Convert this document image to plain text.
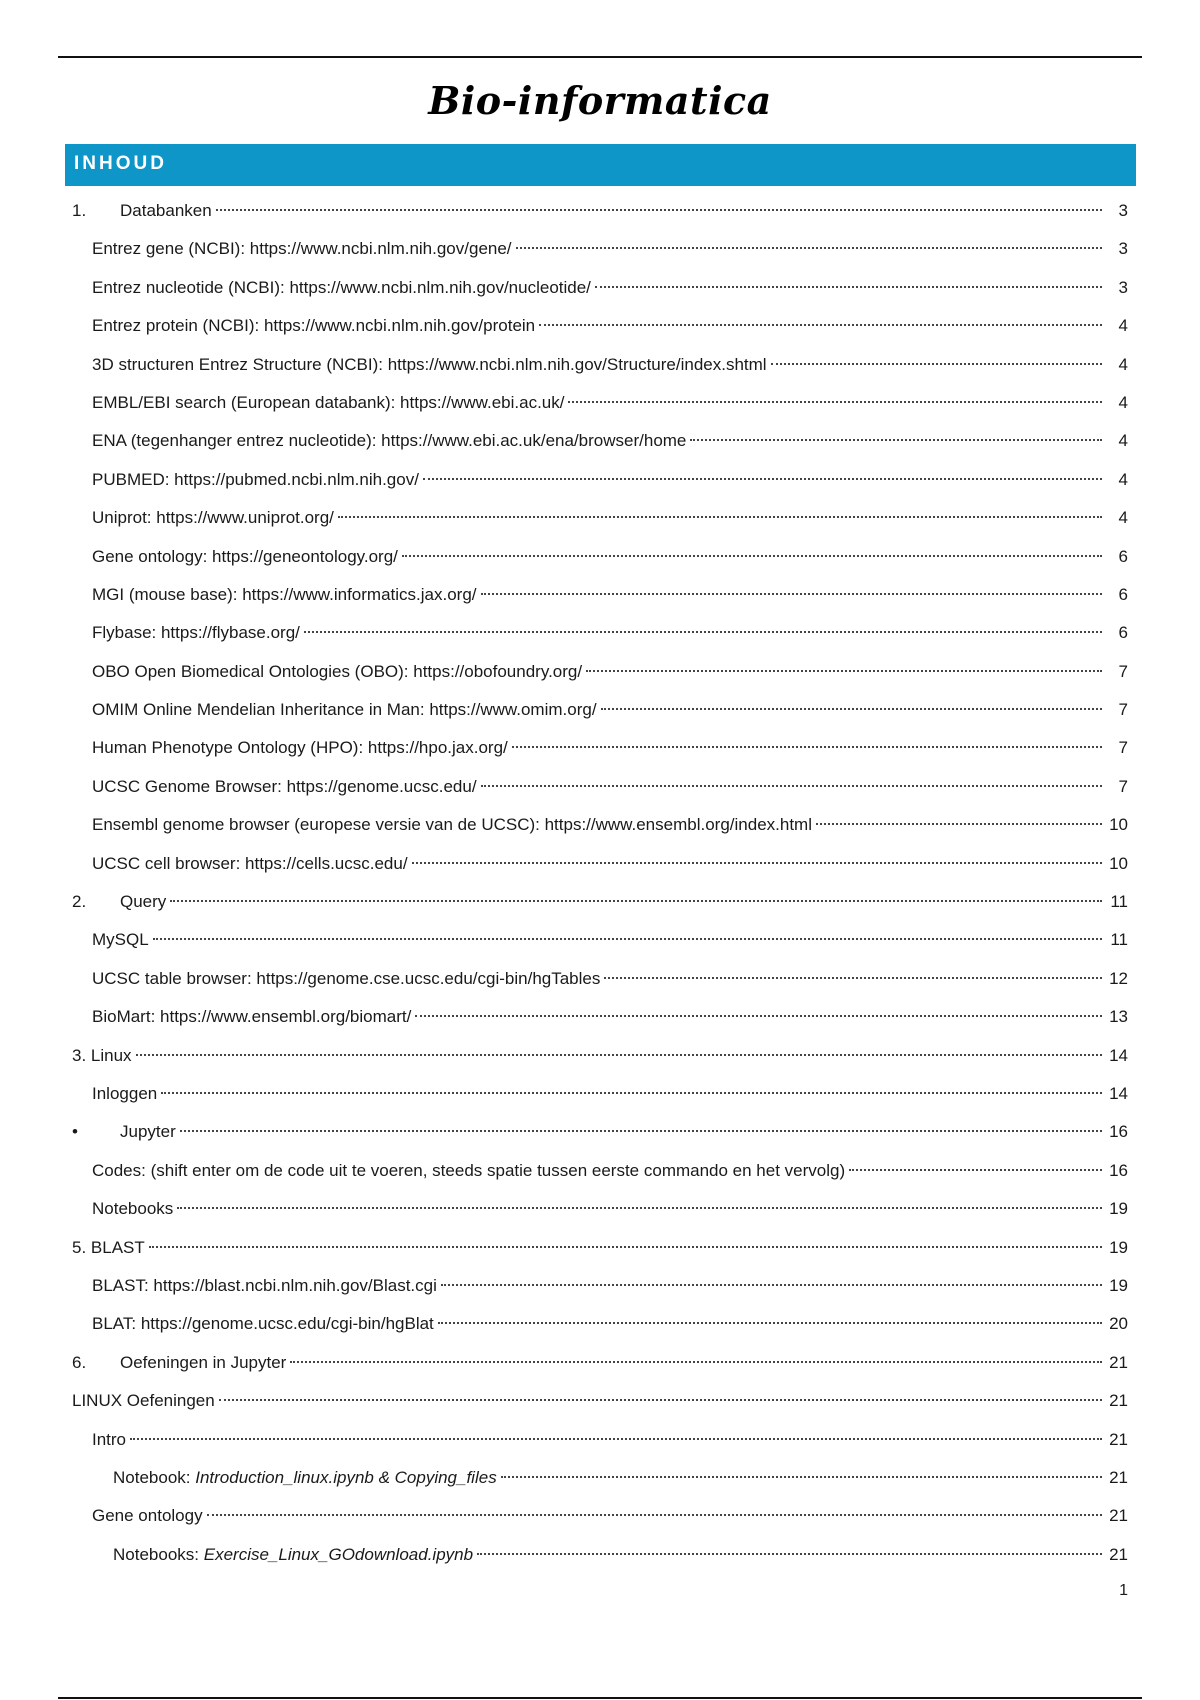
Bio-informatica
INHOUD
1.	Databanken	3
Entrez gene (NCBI): https://www.ncbi.nlm.nih.gov/gene/	3
Entrez nucleotide (NCBI): https://www.ncbi.nlm.nih.gov/nucleotide/	3
Entrez protein (NCBI): https://www.ncbi.nlm.nih.gov/protein	4
3D structuren Entrez Structure (NCBI): https://www.ncbi.nlm.nih.gov/Structure/index.shtml	4
EMBL/EBI search (European databank): https://www.ebi.ac.uk/	4
ENA (tegenhanger entrez nucleotide): https://www.ebi.ac.uk/ena/browser/home	4
PUBMED: https://pubmed.ncbi.nlm.nih.gov/	4
Uniprot: https://www.uniprot.org/	4
Gene ontology: https://geneontology.org/	6
MGI (mouse base): https://www.informatics.jax.org/	6
Flybase: https://flybase.org/	6
OBO Open Biomedical Ontologies (OBO): https://obofoundry.org/	7
OMIM Online Mendelian Inheritance in Man: https://www.omim.org/	7
Human Phenotype Ontology (HPO): https://hpo.jax.org/	7
UCSC Genome Browser: https://genome.ucsc.edu/	7
Ensembl genome browser (europese versie van de UCSC): https://www.ensembl.org/index.html	10
UCSC cell browser: https://cells.ucsc.edu/	10
2.	Query	11
MySQL	11
UCSC table browser: https://genome.cse.ucsc.edu/cgi-bin/hgTables	12
BioMart: https://www.ensembl.org/biomart/	13
3. Linux	14
Inloggen	14
•	Jupyter	16
Codes: (shift enter om de code uit te voeren, steeds spatie tussen eerste commando en het vervolg)	16
Notebooks	19
5. BLAST	19
BLAST: https://blast.ncbi.nlm.nih.gov/Blast.cgi	19
BLAT: https://genome.ucsc.edu/cgi-bin/hgBlat	20
6.	Oefeningen in Jupyter	21
LINUX Oefeningen	21
Intro	21
Notebook: Introduction_linux.ipynb & Copying_files	21
Gene ontology	21
Notebooks: Exercise_Linux_GOdownload.ipynb	21
1
